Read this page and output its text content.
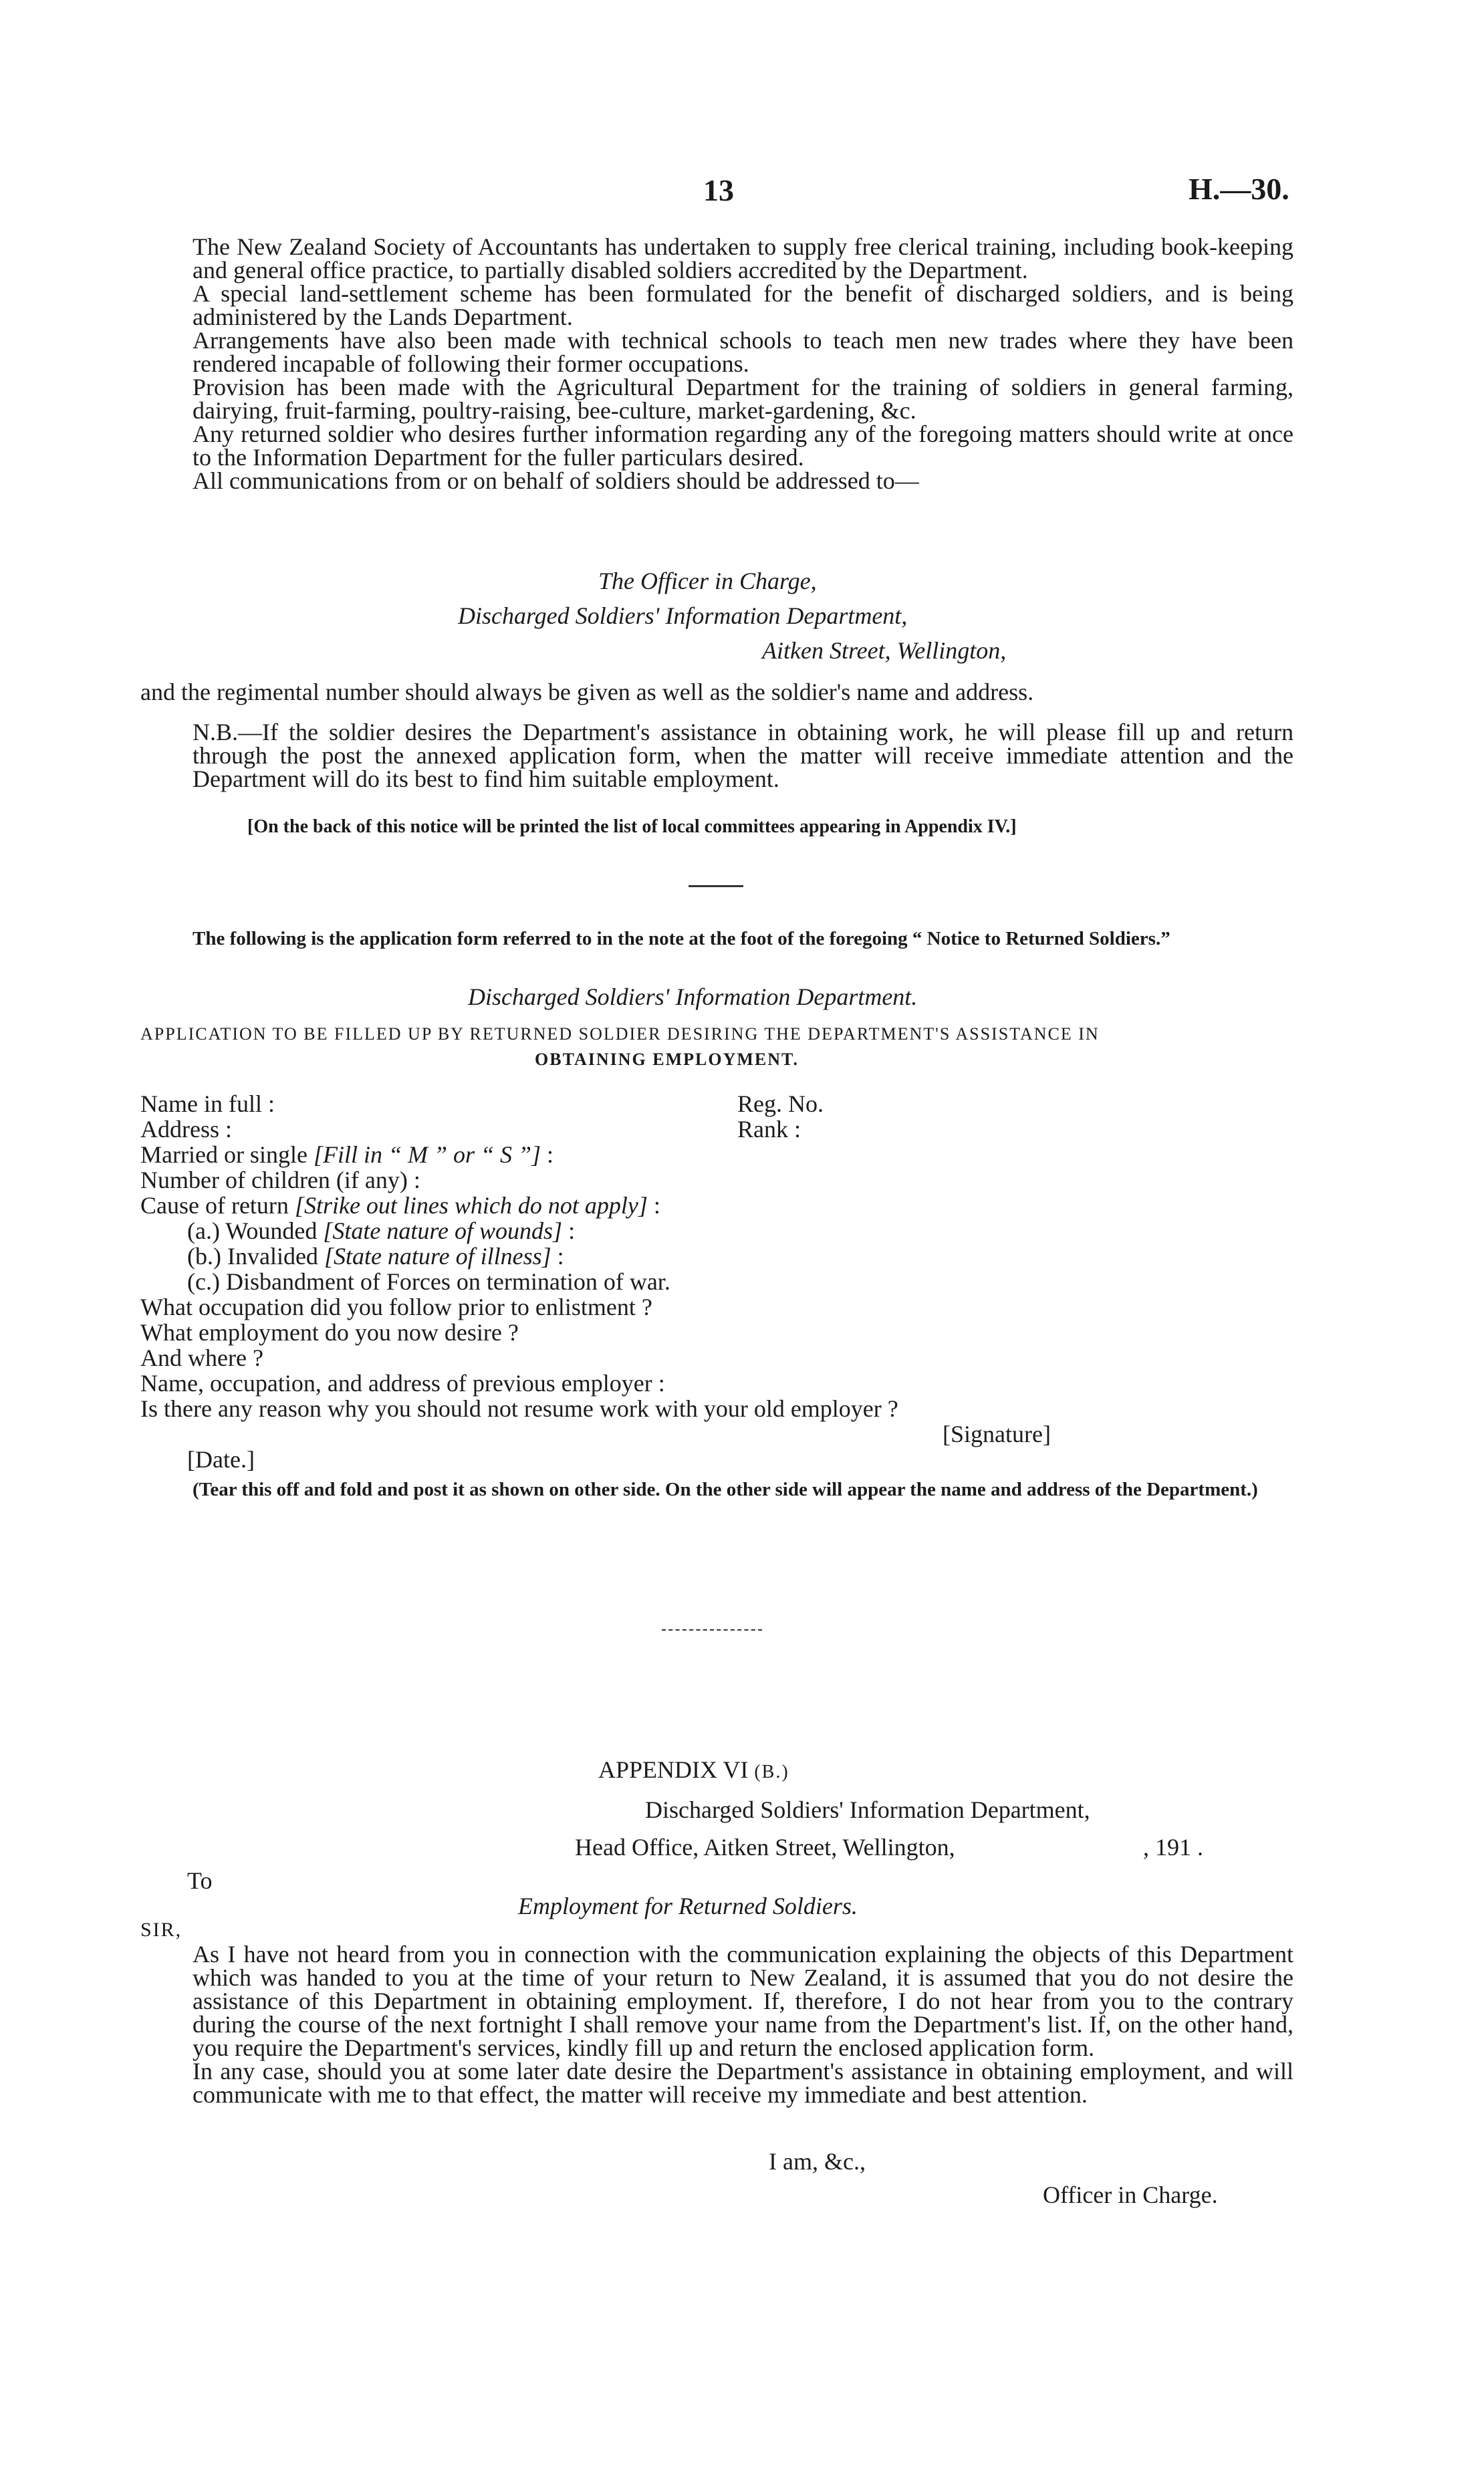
13	H.—30.

The New Zealand Society of Accountants has undertaken to supply free clerical training, including book-keeping and general office practice, to partially disabled soldiers accredited by the Department.

A special land-settlement scheme has been formulated for the benefit of discharged soldiers, and is being administered by the Lands Department.

Arrangements have also been made with technical schools to teach men new trades where they have been rendered incapable of following their former occupations.

Provision has been made with the Agricultural Department for the training of soldiers in general farming, dairying, fruit-farming, poultry-raising, bee-culture, market-gardening, &c.

Any returned soldier who desires further information regarding any of the foregoing matters should write at once to the Information Department for the fuller particulars desired.

All communications from or on behalf of soldiers should be addressed to—

The Officer in Charge,
Discharged Soldiers' Information Department,
Aitken Street, Wellington,

and the regimental number should always be given as well as the soldier's name and address.

N.B.—If the soldier desires the Department's assistance in obtaining work, he will please fill up and return through the post the annexed application form, when the matter will receive immediate attention and the Department will do its best to find him suitable employment.

[On the back of this notice will be printed the list of local committees appearing in Appendix IV.]

The following is the application form referred to in the note at the foot of the foregoing “ Notice to Returned Soldiers.”

Discharged Soldiers' Information Department.
APPLICATION TO BE FILLED UP BY RETURNED SOLDIER DESIRING THE DEPARTMENT'S ASSISTANCE IN
OBTAINING EMPLOYMENT.
Name in full :	Reg. No.
Address :	Rank :
Married or single [Fill in “ M ” or “ S ”] :
Number of children (if any) :
Cause of return [Strike out lines which do not apply] :
(a.) Wounded [State nature of wounds] :
(b.) Invalided [State nature of illness] :
(c.) Disbandment of Forces on termination of war.
What occupation did you follow prior to enlistment ?
What employment do you now desire ?
And where ?
Name, occupation, and address of previous employer :
Is there any reason why you should not resume work with your old employer ?
[Signature]
[Date.]

(Tear this off and fold and post it as shown on other side. On the other side will appear the name and address of the Department.)

APPENDIX VI (B.)
Discharged Soldiers' Information Department,
Head Office, Aitken Street, Wellington,	, 191 .
To
Employment for Returned Soldiers.
SIR,

As I have not heard from you in connection with the communication explaining the objects of this Department which was handed to you at the time of your return to New Zealand, it is assumed that you do not desire the assistance of this Department in obtaining employment. If, therefore, I do not hear from you to the contrary during the course of the next fortnight I shall remove your name from the Department's list. If, on the other hand, you require the Department's services, kindly fill up and return the enclosed application form.

In any case, should you at some later date desire the Department's assistance in obtaining employment, and will communicate with me to that effect, the matter will receive my immediate and best attention.

I am, &c.,
Officer in Charge.
